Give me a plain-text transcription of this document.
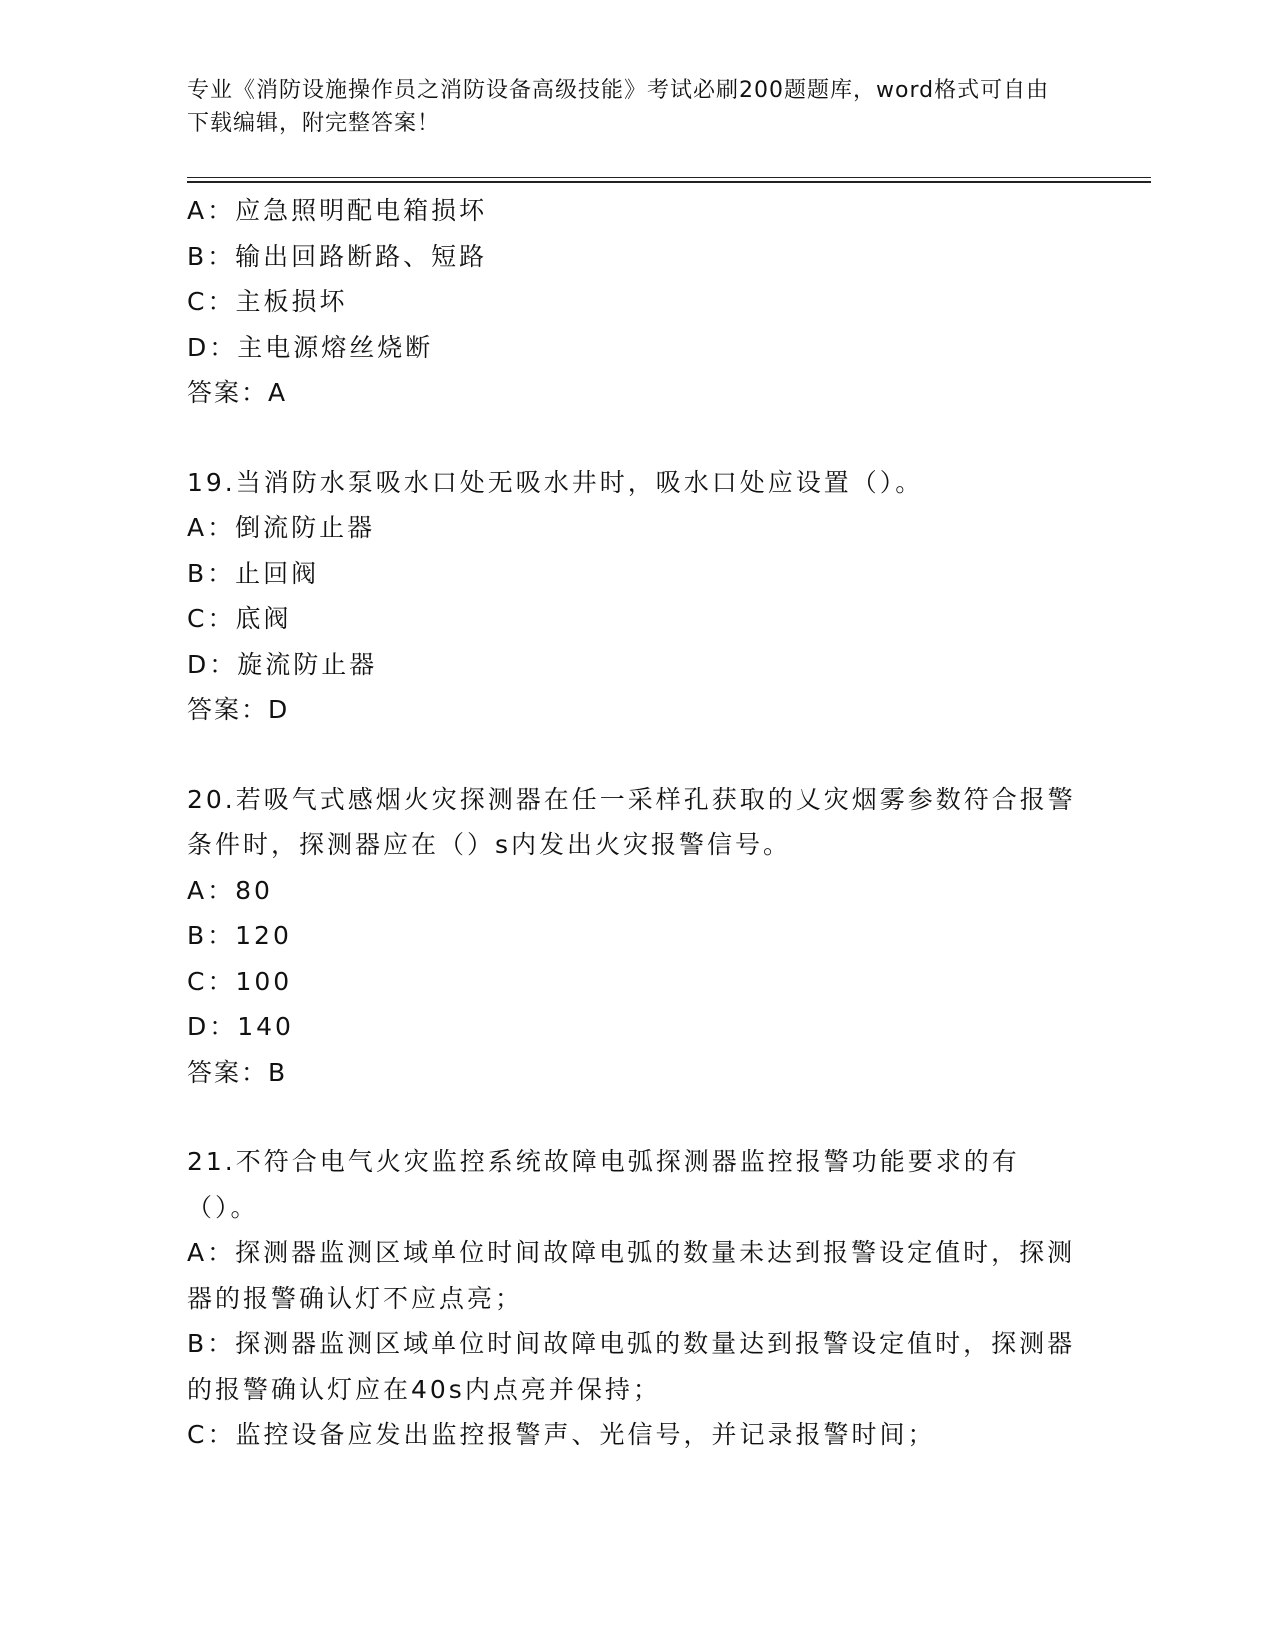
专业《消防设施操作员之消防设备高级技能》考试必刷200题题库，word格式可自由下载编辑，附完整答案！
A：应急照明配电箱损坏
B：输出回路断路、短路
C：主板损坏
D：主电源熔丝烧断
答案：A
19.当消防水泵吸水口处无吸水井时，吸水口处应设置（）。
A：倒流防止器
B：止回阀
C：底阀
D：旋流防止器
答案：D
20.若吸气式感烟火灾探测器在任一采样孔获取的乂灾烟雾参数符合报警条件时，探测器应在（）s内发出火灾报警信号。
A：80
B：120
C：100
D：140
答案：B
21.不符合电气火灾监控系统故障电弧探测器监控报警功能要求的有（）。
A：探测器监测区域单位时间故障电弧的数量未达到报警设定值时，探测器的报警确认灯不应点亮；
B：探测器监测区域单位时间故障电弧的数量达到报警设定值时，探测器的报警确认灯应在40s内点亮并保持；
C：监控设备应发出监控报警声、光信号，并记录报警时间；
